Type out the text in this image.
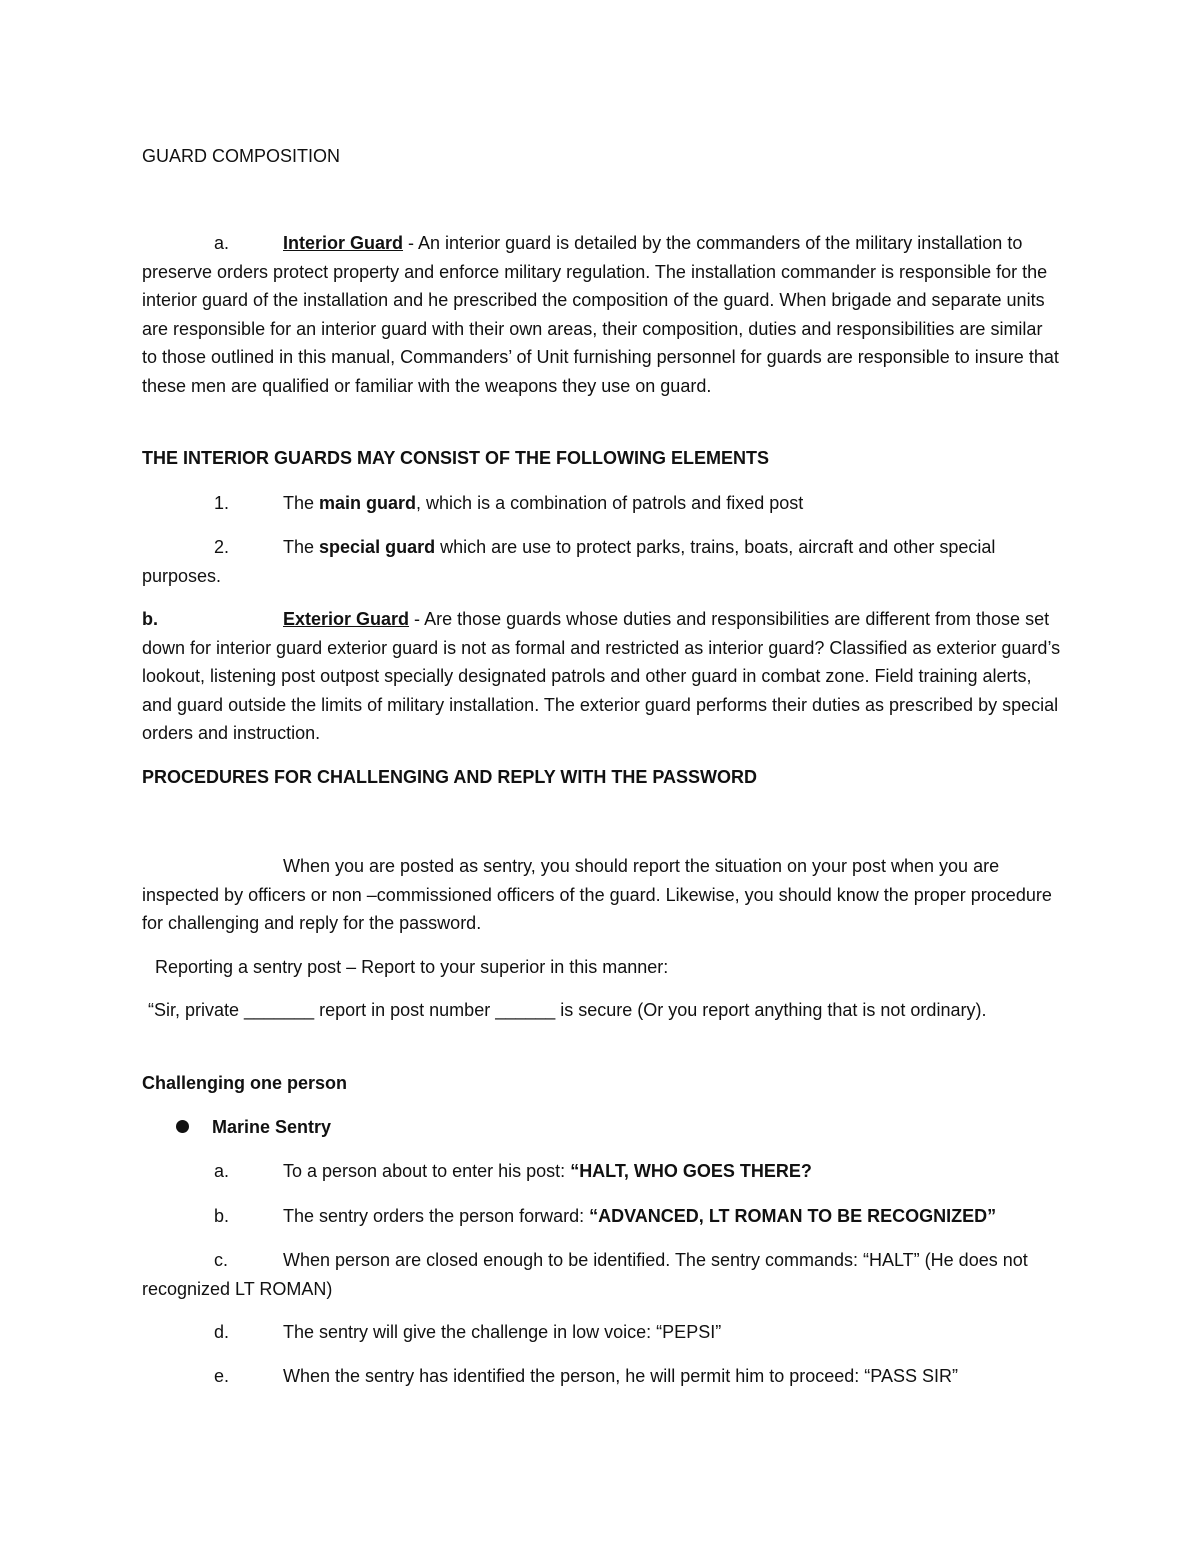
GUARD COMPOSITION

a.	Interior Guard - An interior guard is detailed by the commanders of the military installation to preserve orders protect property and enforce military regulation. The installation commander is responsible for the interior guard of the installation and he prescribed the composition of the guard. When brigade and separate units are responsible for an interior guard with their own areas, their composition, duties and responsibilities are similar to those outlined in this manual, Commanders’ of Unit furnishing personnel for guards are responsible to insure that these men are qualified or familiar with the weapons they use on guard.

THE INTERIOR GUARDS MAY CONSIST OF THE FOLLOWING ELEMENTS
1.	The main guard, which is a combination of patrols and fixed post

2.	The special guard which are use to protect parks, trains, boats, aircraft and other special purposes.

b.	Exterior Guard - Are those guards whose duties and responsibilities are different from those set down for interior guard exterior guard is not as formal and restricted as interior guard? Classified as exterior guard’s lookout, listening post outpost specially designated patrols and other guard in combat zone. Field training alerts, and guard outside the limits of military installation. The exterior guard performs their duties as prescribed by special orders and instruction.

PROCEDURES FOR CHALLENGING AND REPLY WITH THE PASSWORD

When you are posted as sentry, you should report the situation on your post when you are inspected by officers or non –commissioned officers of the guard. Likewise, you should know the proper procedure for challenging and reply for the password.

Reporting a sentry post – Report to your superior in this manner:

“Sir, private _______ report in post number ______ is secure (Or you report anything that is not ordinary).

Challenging one person
Marine Sentry
a.	To a person about to enter his post: “HALT, WHO GOES THERE?
b.	The sentry orders the person forward: “ADVANCED, LT ROMAN TO BE RECOGNIZED”

c.	When person are closed enough to be identified. The sentry commands: “HALT” (He does not recognized LT ROMAN)

d.	The sentry will give the challenge in low voice: “PEPSI”
e.	When the sentry has identified the person, he will permit him to proceed: “PASS SIR”
